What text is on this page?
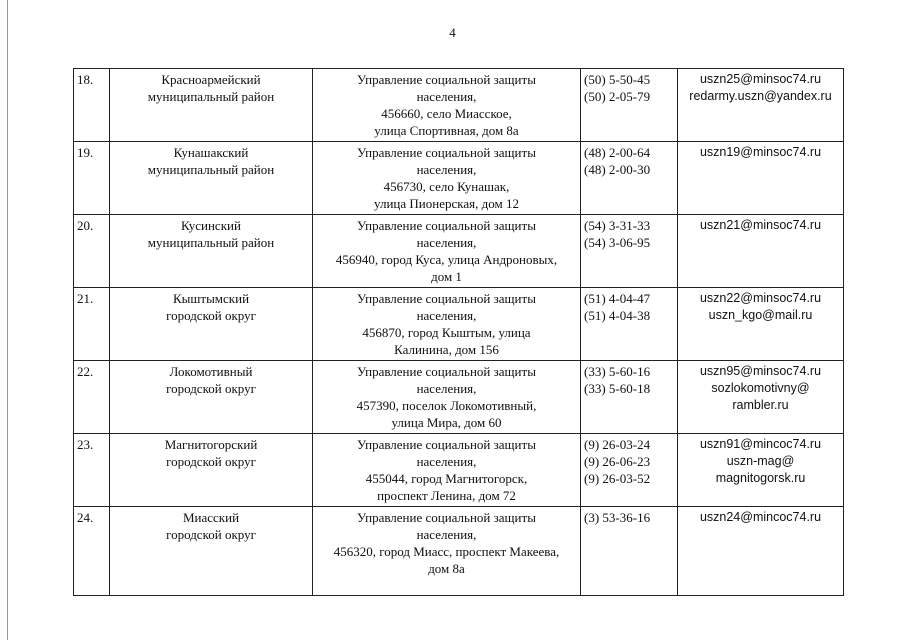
4
18.	Красноармейский
муниципальный район	Управление социальной защиты
населения,
456660, село Миасское,
улица Спортивная, дом 8а	(50) 5-50-45
(50) 2-05-79	uszn25@minsoc74.ru
redarmy.uszn@yandex.ru

19.	Кунашакский
муниципальный район	Управление социальной защиты
населения,
456730, село Кунашак,
улица Пионерская, дом 12	(48) 2-00-64
(48) 2-00-30	uszn19@minsoc74.ru

20.	Кусинский
муниципальный район	Управление социальной защиты
населения,
456940, город Куса, улица Андроновых,
дом 1	(54) 3-31-33
(54) 3-06-95	uszn21@minsoc74.ru

21.	Кыштымский
городской округ	Управление социальной защиты
населения,
456870, город Кыштым, улица
Калинина, дом 156	(51) 4-04-47
(51) 4-04-38	uszn22@minsoc74.ru
uszn_kgo@mail.ru

22.	Локомотивный
городской округ	Управление социальной защиты
населения,
457390, поселок Локомотивный,
улица Мира, дом 60	(33) 5-60-16
(33) 5-60-18	uszn95@minsoc74.ru
sozlokomotivny@
rambler.ru

23.	Магнитогорский
городской округ	Управление социальной защиты
населения,
455044, город Магнитогорск,
проспект Ленина, дом 72	(9) 26-03-24
(9) 26-06-23
(9) 26-03-52	uszn91@mincoc74.ru
uszn-mag@
magnitogorsk.ru

24.	Миасский
городской округ	Управление социальной защиты
населения,
456320, город Миасс, проспект Макеева,
дом 8а	(3) 53-36-16	uszn24@mincoc74.ru
